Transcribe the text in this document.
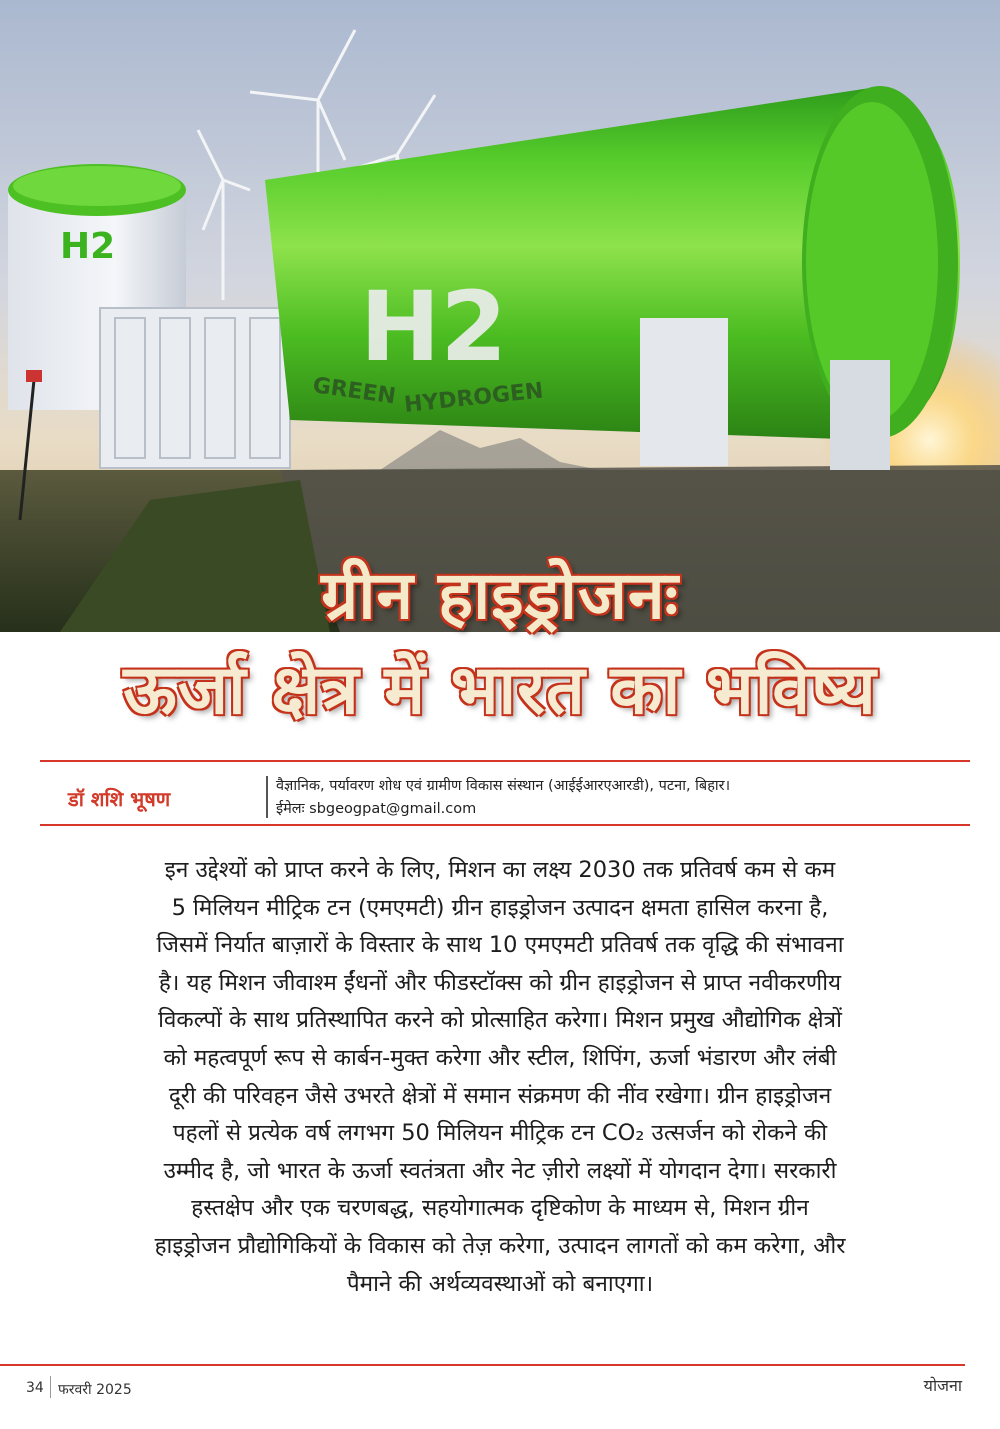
H2
H2
GREEN HYDROGEN
ग्रीन हाइड्रोजनः
ऊर्जा क्षेत्र में भारत का भविष्य
डॉ शशि भूषण
वैज्ञानिक, पर्यावरण शोध एवं ग्रामीण विकास संस्थान (आईईआरएआरडी), पटना, बिहार।
ईमेलः sbgeogpat@gmail.com

इन उद्देश्यों को प्राप्त करने के लिए, मिशन का लक्ष्य 2030 तक प्रतिवर्ष कम से कम

5 मिलियन मीट्रिक टन (एमएमटी) ग्रीन हाइड्रोजन उत्पादन क्षमता हासिल करना है,

जिसमें निर्यात बाज़ारों के विस्तार के साथ 10 एमएमटी प्रतिवर्ष तक वृद्धि की संभावना

है। यह मिशन जीवाश्म ईंधनों और फीडस्टॉक्स को ग्रीन हाइड्रोजन से प्राप्त नवीकरणीय

विकल्पों के साथ प्रतिस्थापित करने को प्रोत्साहित करेगा। मिशन प्रमुख औद्योगिक क्षेत्रों

को महत्वपूर्ण रूप से कार्बन-मुक्त करेगा और स्टील, शिपिंग, ऊर्जा भंडारण और लंबी

दूरी की परिवहन जैसे उभरते क्षेत्रों में समान संक्रमण की नींव रखेगा। ग्रीन हाइड्रोजन

पहलों से प्रत्येक वर्ष लगभग 50 मिलियन मीट्रिक टन CO₂ उत्सर्जन को रोकने की

उम्मीद है, जो भारत के ऊर्जा स्वतंत्रता और नेट ज़ीरो लक्ष्यों में योगदान देगा। सरकारी

हस्तक्षेप और एक चरणबद्ध, सहयोगात्मक दृष्टिकोण के माध्यम से, मिशन ग्रीन

हाइड्रोजन प्रौद्योगिकियों के विकास को तेज़ करेगा, उत्पादन लागतों को कम करेगा, और

पैमाने की अर्थव्यवस्थाओं को बनाएगा।

34 फरवरी 2025	योजना
